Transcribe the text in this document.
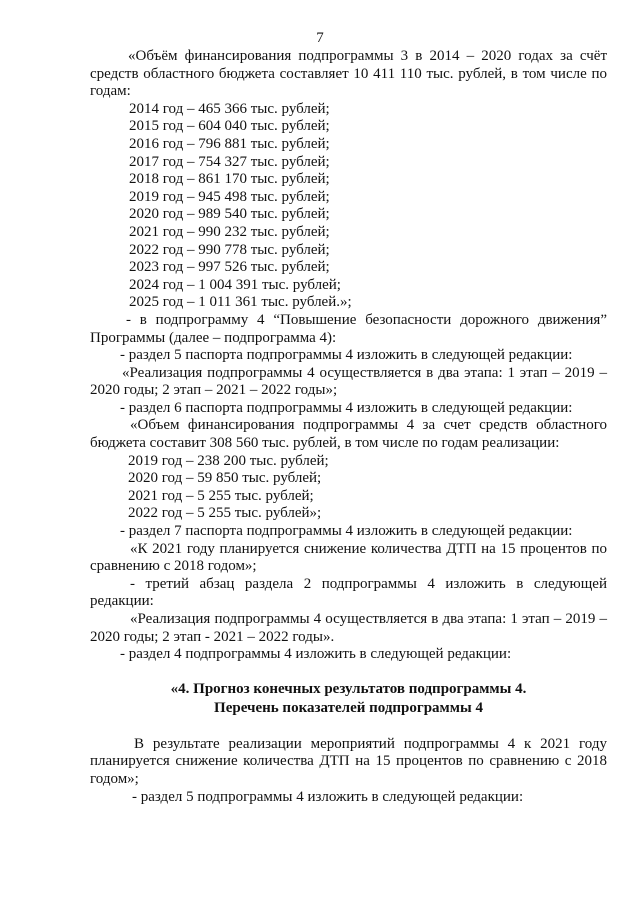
7

«Объём финансирования подпрограммы 3 в 2014 – 2020 годах за счёт средств областного бюджета составляет 10 411 110 тыс. рублей, в том числе по годам:

2014 год – 465 366 тыс. рублей;
2015 год – 604 040 тыс. рублей;
2016 год – 796 881 тыс. рублей;
2017 год – 754 327 тыс. рублей;
2018 год – 861 170 тыс. рублей;
2019 год – 945 498 тыс. рублей;
2020 год – 989 540 тыс. рублей;
2021 год – 990 232 тыс. рублей;
2022 год – 990 778 тыс. рублей;
2023 год – 997 526 тыс. рублей;
2024 год – 1 004 391 тыс. рублей;
2025 год – 1 011 361 тыс. рублей.»;

- в подпрограмму 4 “Повышение безопасности дорожного движения” Программы (далее – подпрограмма 4):

- раздел 5 паспорта подпрограммы 4 изложить в следующей редакции:

«Реализация подпрограммы 4 осуществляется в два этапа: 1 этап – 2019 – 2020 годы; 2 этап – 2021 – 2022 годы»;

- раздел 6 паспорта подпрограммы 4 изложить в следующей редакции:

«Объем финансирования подпрограммы 4 за счет средств областного бюджета составит 308 560 тыс. рублей, в том числе по годам реализации:

2019 год – 238 200 тыс. рублей;
2020 год – 59 850 тыс. рублей;
2021 год – 5 255 тыс. рублей;
2022 год – 5 255 тыс. рублей»;

- раздел 7 паспорта подпрограммы 4 изложить в следующей редакции:

«К 2021 году планируется снижение количества ДТП на 15 процентов по сравнению с 2018 годом»;

- третий абзац раздела 2 подпрограммы 4 изложить в следующей редакции:

«Реализация подпрограммы 4 осуществляется в два этапа: 1 этап – 2019 –2020 годы; 2 этап - 2021 – 2022 годы».

- раздел 4 подпрограммы 4 изложить в следующей редакции:

«4. Прогноз конечных результатов подпрограммы 4.

Перечень показателей подпрограммы 4

В результате реализации мероприятий подпрограммы 4 к 2021 году планируется снижение количества ДТП на 15 процентов по сравнению с 2018 годом»;

- раздел 5 подпрограммы 4 изложить в следующей редакции:
